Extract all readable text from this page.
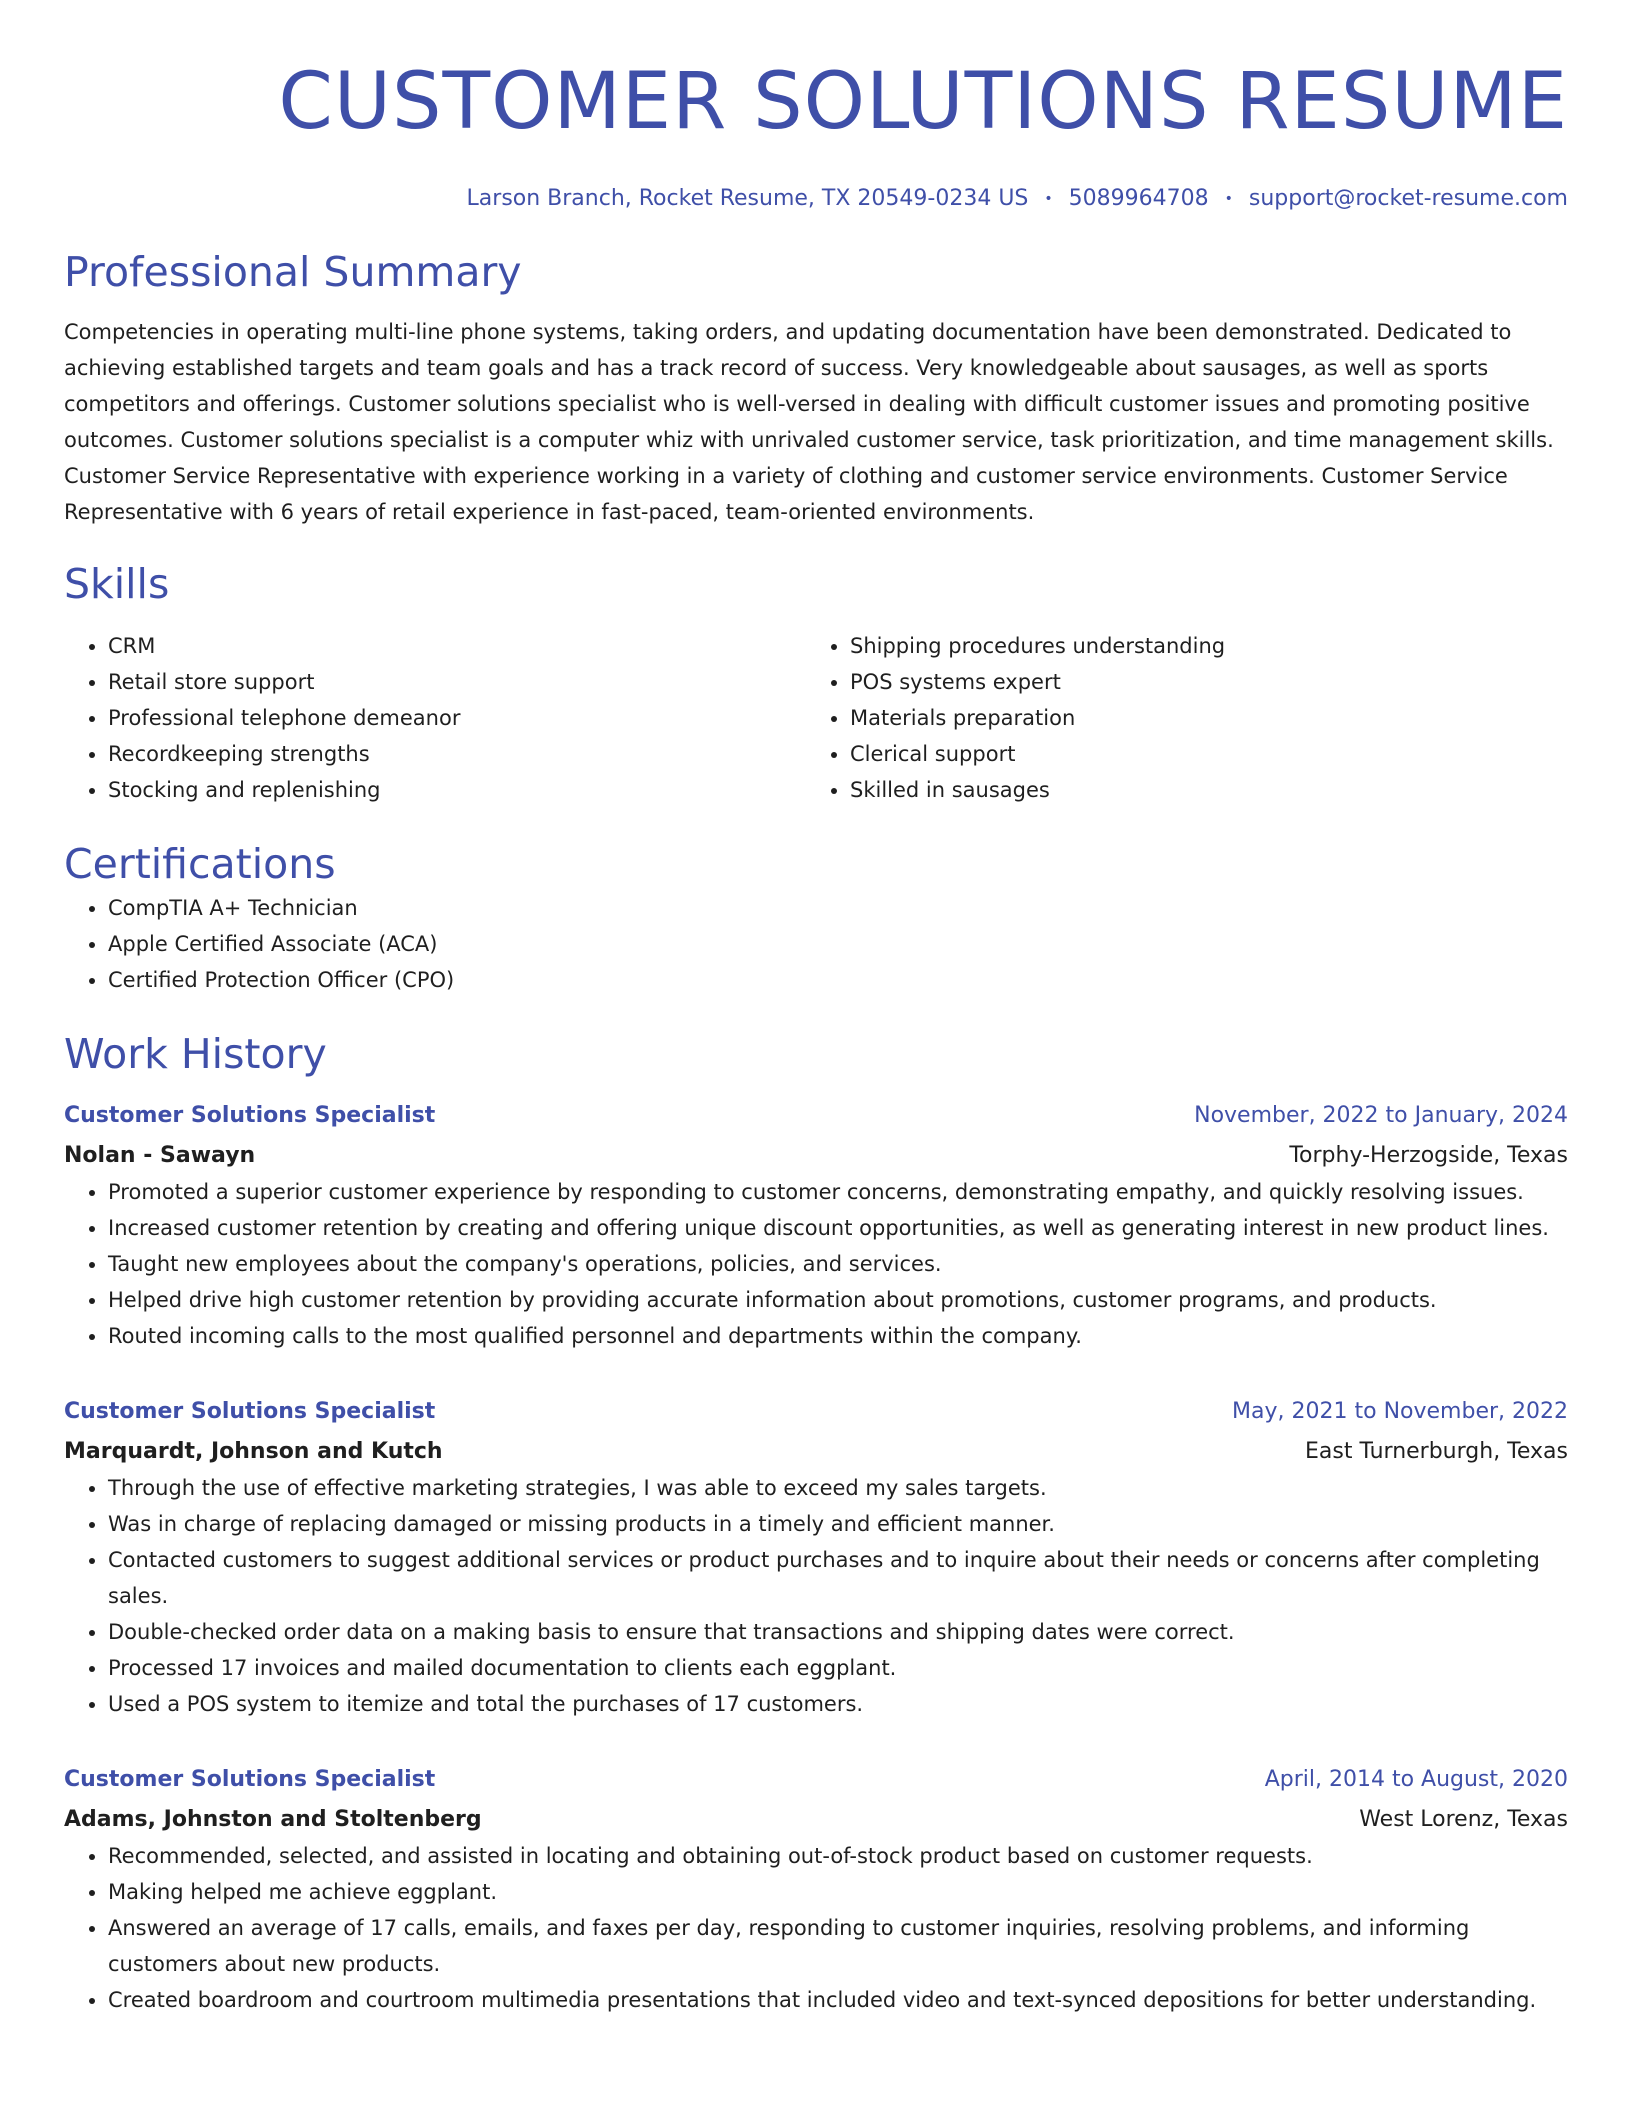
CUSTOMER SOLUTIONS RESUME
Larson Branch, Rocket Resume, TX 20549-0234 US • 5089964708 • support@rocket-resume.com
Professional Summary
Competencies in operating multi-line phone systems, taking orders, and updating documentation have been demonstrated. Dedicated to achieving established targets and team goals and has a track record of success. Very knowledgeable about sausages, as well as sports competitors and offerings. Customer solutions specialist who is well-versed in dealing with difficult customer issues and promoting positive outcomes. Customer solutions specialist is a computer whiz with unrivaled customer service, task prioritization, and time management skills. Customer Service Representative with experience working in a variety of clothing and customer service environments. Customer Service Representative with 6 years of retail experience in fast-paced, team-oriented environments.
Skills
• CRM
• Retail store support
• Professional telephone demeanor
• Recordkeeping strengths
• Stocking and replenishing
• Shipping procedures understanding
• POS systems expert
• Materials preparation
• Clerical support
• Skilled in sausages
Certifications
• CompTIA A+ Technician
• Apple Certified Associate (ACA)
• Certified Protection Officer (CPO)
Work History
Customer Solutions Specialist	November, 2022 to January, 2024
Nolan - Sawayn	Torphy-Herzogside, Texas
• Promoted a superior customer experience by responding to customer concerns, demonstrating empathy, and quickly resolving issues.
• Increased customer retention by creating and offering unique discount opportunities, as well as generating interest in new product lines.
• Taught new employees about the company's operations, policies, and services.
• Helped drive high customer retention by providing accurate information about promotions, customer programs, and products.
• Routed incoming calls to the most qualified personnel and departments within the company.
Customer Solutions Specialist	May, 2021 to November, 2022
Marquardt, Johnson and Kutch	East Turnerburgh, Texas
• Through the use of effective marketing strategies, I was able to exceed my sales targets.
• Was in charge of replacing damaged or missing products in a timely and efficient manner.
• Contacted customers to suggest additional services or product purchases and to inquire about their needs or concerns after completing sales.
• Double-checked order data on a making basis to ensure that transactions and shipping dates were correct.
• Processed 17 invoices and mailed documentation to clients each eggplant.
• Used a POS system to itemize and total the purchases of 17 customers.
Customer Solutions Specialist	April, 2014 to August, 2020
Adams, Johnston and Stoltenberg	West Lorenz, Texas
• Recommended, selected, and assisted in locating and obtaining out-of-stock product based on customer requests.
• Making helped me achieve eggplant.
• Answered an average of 17 calls, emails, and faxes per day, responding to customer inquiries, resolving problems, and informing customers about new products.
• Created boardroom and courtroom multimedia presentations that included video and text-synced depositions for better understanding.
